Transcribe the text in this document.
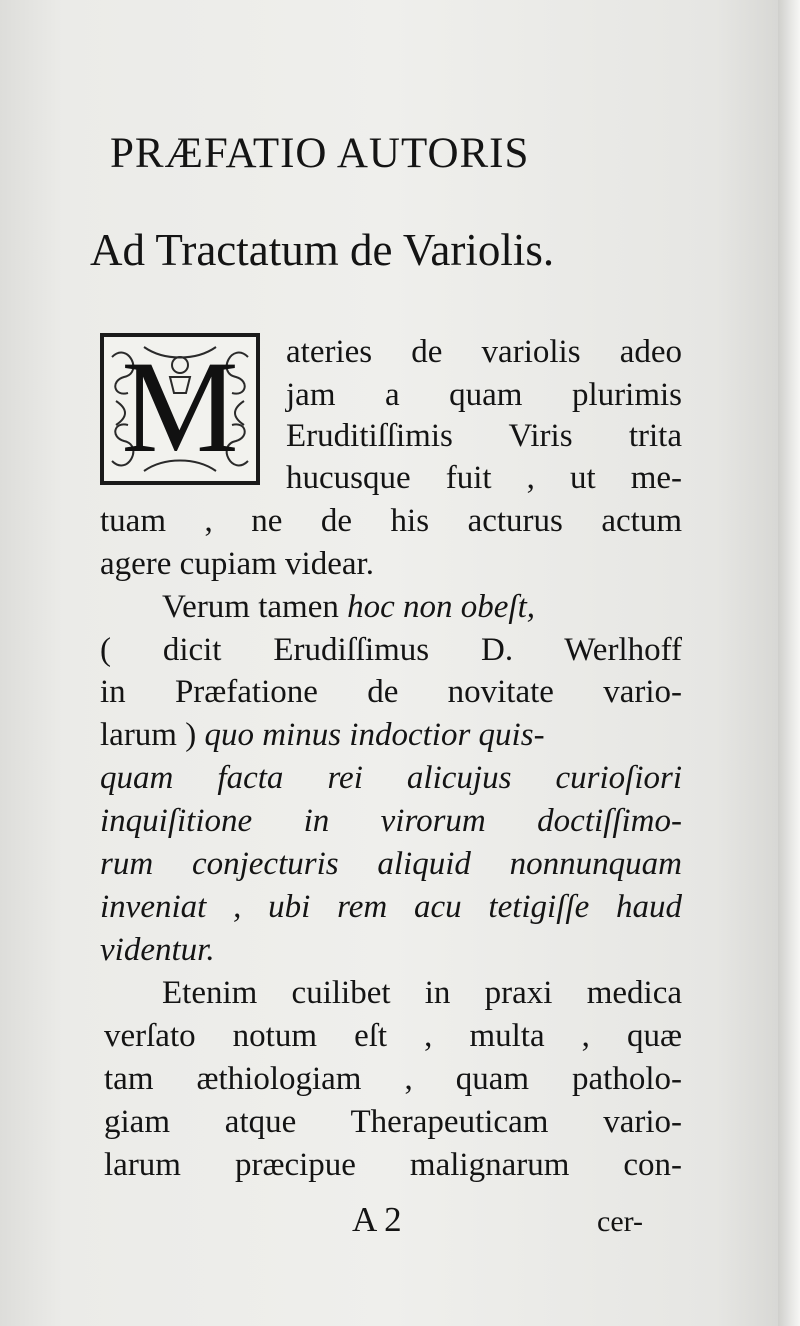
PRÆFATIO AUTORIS
Ad Tractatum de Variolis.
M	ateries de variolis adeo
jam a quam plurimis
Eruditiſſimis Viris trita
hucusque fuit , ut me-
tuam , ne de his acturus actum
agere cupiam videar.
Verum tamen hoc non obeſt,
( dicit Erudiſſimus D. Werlhoff
in Præfatione de novitate vario-
larum ) quo minus indoctior quis-
quam facta rei alicujus curioſiori
inquiſitione in virorum doctiſſimo-
rum conjecturis aliquid nonnunquam
inveniat , ubi rem acu tetigiſſe haud
videntur.
Etenim cuilibet in praxi medica
verſato notum eſt , multa , quæ
tam æthiologiam , quam patholo-
giam atque Therapeuticam vario-
larum præcipue malignarum con-
A 2	cer-
